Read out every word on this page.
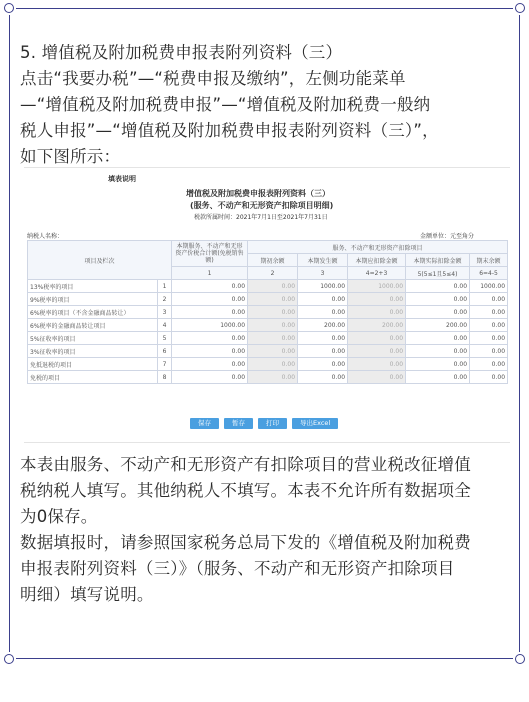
5. 增值税及附加税费申报表附列资料（三）
点击“我要办税”—“税费申报及缴纳”，左侧功能菜单
—“增值税及附加税费申报”—“增值税及附加税费一般纳
税人申报”—“增值税及附加税费申报表附列资料（三）”，
如下图所示：
填表说明
增值税及附加税费申报表附列资料（三）
(服务、不动产和无形资产扣除项目明细)
税款所属时间：2021年7月1日至2021年7月31日
纳税人名称：	金额单位：元至角分
项目及栏次		本期服务、不动产和无形资产价税合计额(免税销售额)	服务、不动产和无形资产扣除项目				
			期初余额	本期发生额	本期应扣除金额	本期实际扣除金额	期末余额
		1	2	3	4=2+3	5(5≤1且5≤4)	6=4-5
13%税率的项目	1	0.00	0.00	1000.00	1000.00	0.00	1000.00
9%税率的项目	2	0.00	0.00	0.00	0.00	0.00	0.00
6%税率的项目（不含金融商品转让）	3	0.00	0.00	0.00	0.00	0.00	0.00
6%税率的金融商品转让项目	4	1000.00	0.00	200.00	200.00	200.00	0.00
5%征收率的项目	5	0.00	0.00	0.00	0.00	0.00	0.00
3%征收率的项目	6	0.00	0.00	0.00	0.00	0.00	0.00
免抵退税的项目	7	0.00	0.00	0.00	0.00	0.00	0.00
免税的项目	8	0.00	0.00	0.00	0.00	0.00	0.00
保存	暂存	打印	导出Excel
本表由服务、不动产和无形资产有扣除项目的营业税改征增值
税纳税人填写。其他纳税人不填写。本表不允许所有数据项全
为0保存。
数据填报时，请参照国家税务总局下发的《增值税及附加税费
申报表附列资料（三）》（服务、不动产和无形资产扣除项目
明细）填写说明。
